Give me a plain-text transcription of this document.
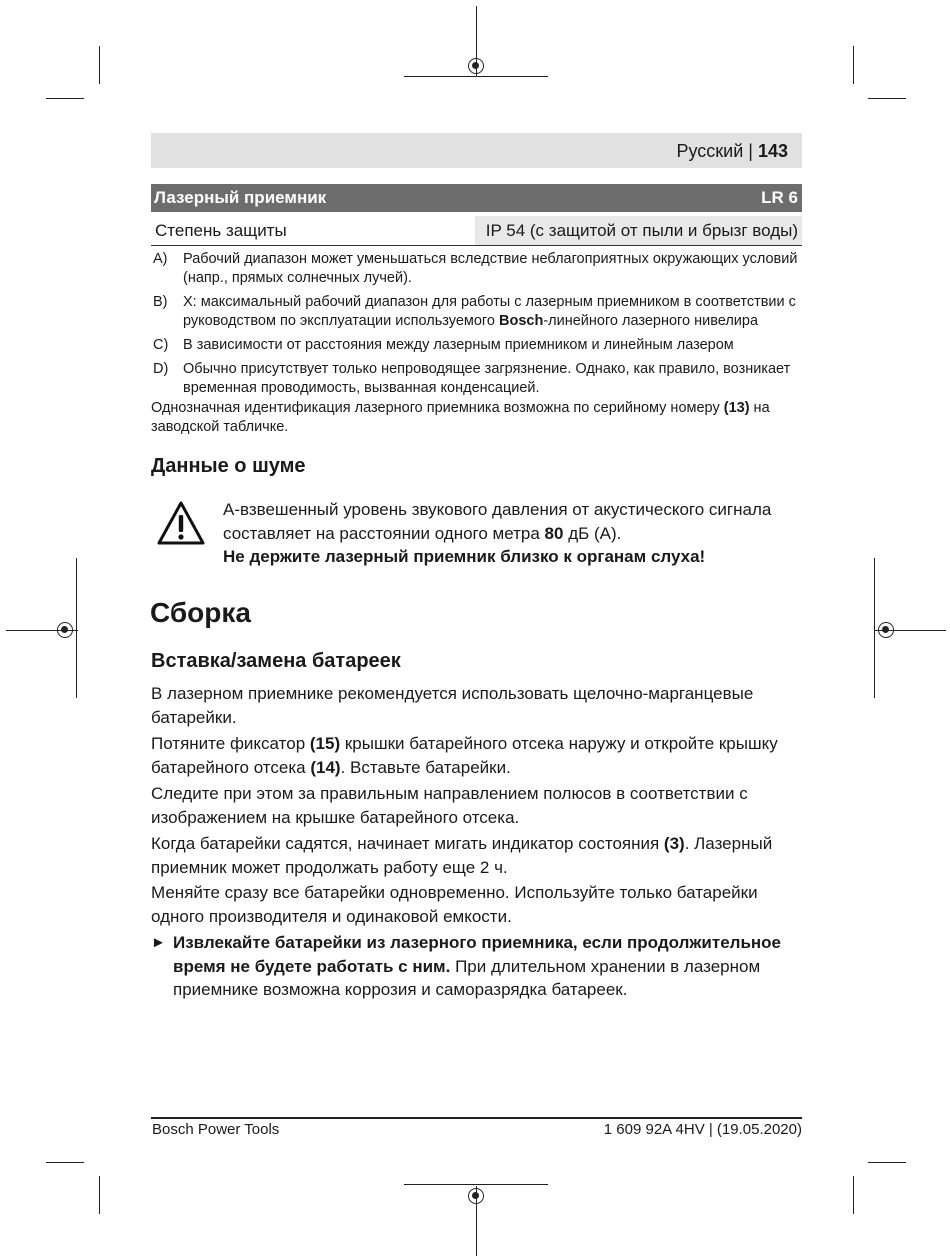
Русский | 143
Лазерный приемник	LR 6
Степень защиты	IP 54 (с защитой от пыли и брызг воды)
A) Рабочий диапазон может уменьшаться вследствие неблагоприятных окружающих условий (напр., прямых солнечных лучей).
B) X: максимальный рабочий диапазон для работы с лазерным приемником в соответствии с руководством по эксплуатации используемого Bosch-линейного лазерного нивелира
C) В зависимости от расстояния между лазерным приемником и линейным лазером
D) Обычно присутствует только непроводящее загрязнение. Однако, как правило, возникает временная проводимость, вызванная конденсацией.
Однозначная идентификация лазерного приемника возможна по серийному номеру (13) на заводской табличке.
Данные о шуме
A-взвешенный уровень звукового давления от акустического сигнала составляет на расстоянии одного метра 80 дБ (A).
Не держите лазерный приемник близко к органам слуха!
Сборка
Вставка/замена батареек
В лазерном приемнике рекомендуется использовать щелочно-марганцевые батарейки.
Потяните фиксатор (15) крышки батарейного отсека наружу и откройте крышку батарейного отсека (14). Вставьте батарейки.
Следите при этом за правильным направлением полюсов в соответствии с изображением на крышке батарейного отсека.
Когда батарейки садятся, начинает мигать индикатор состояния (3). Лазерный приемник может продолжать работу еще 2 ч.
Меняйте сразу все батарейки одновременно. Используйте только батарейки одного производителя и одинаковой емкости.
► Извлекайте батарейки из лазерного приемника, если продолжительное время не будете работать с ним. При длительном хранении в лазерном приемнике возможна коррозия и саморазрядка батареек.
Bosch Power Tools	1 609 92A 4HV | (19.05.2020)
